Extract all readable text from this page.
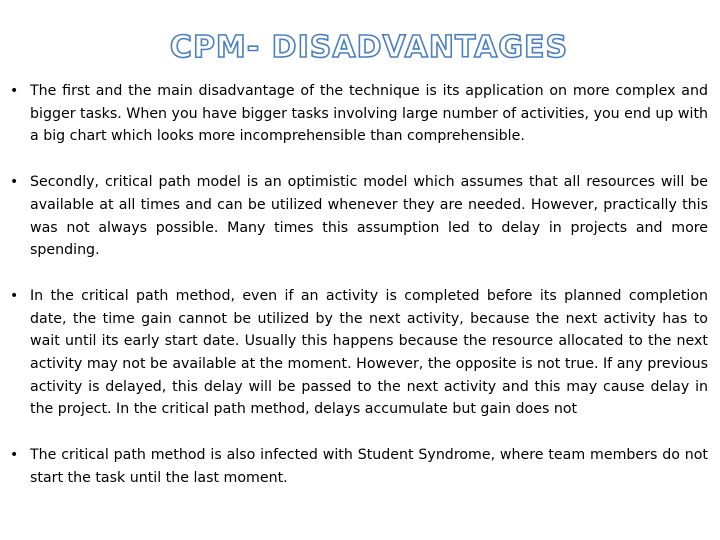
CPM- DISADVANTAGES
• The first and the main disadvantage of the technique is its application on more complex and bigger tasks. When you have bigger tasks involving large number of activities, you end up with a big chart which looks more incomprehensible than comprehensible.
• Secondly, critical path model is an optimistic model which assumes that all resources will be available at all times and can be utilized whenever they are needed. However, practically this was not always possible. Many times this assumption led to delay in projects and more spending.
• In the critical path method, even if an activity is completed before its planned completion date, the time gain cannot be utilized by the next activity, because the next activity has to wait until its early start date. Usually this happens because the resource allocated to the next activity may not be available at the moment. However, the opposite is not true. If any previous activity is delayed, this delay will be passed to the next activity and this may cause delay in the project. In the critical path method, delays accumulate but gain does not
• The critical path method is also infected with Student Syndrome, where team members do not start the task until the last moment.
